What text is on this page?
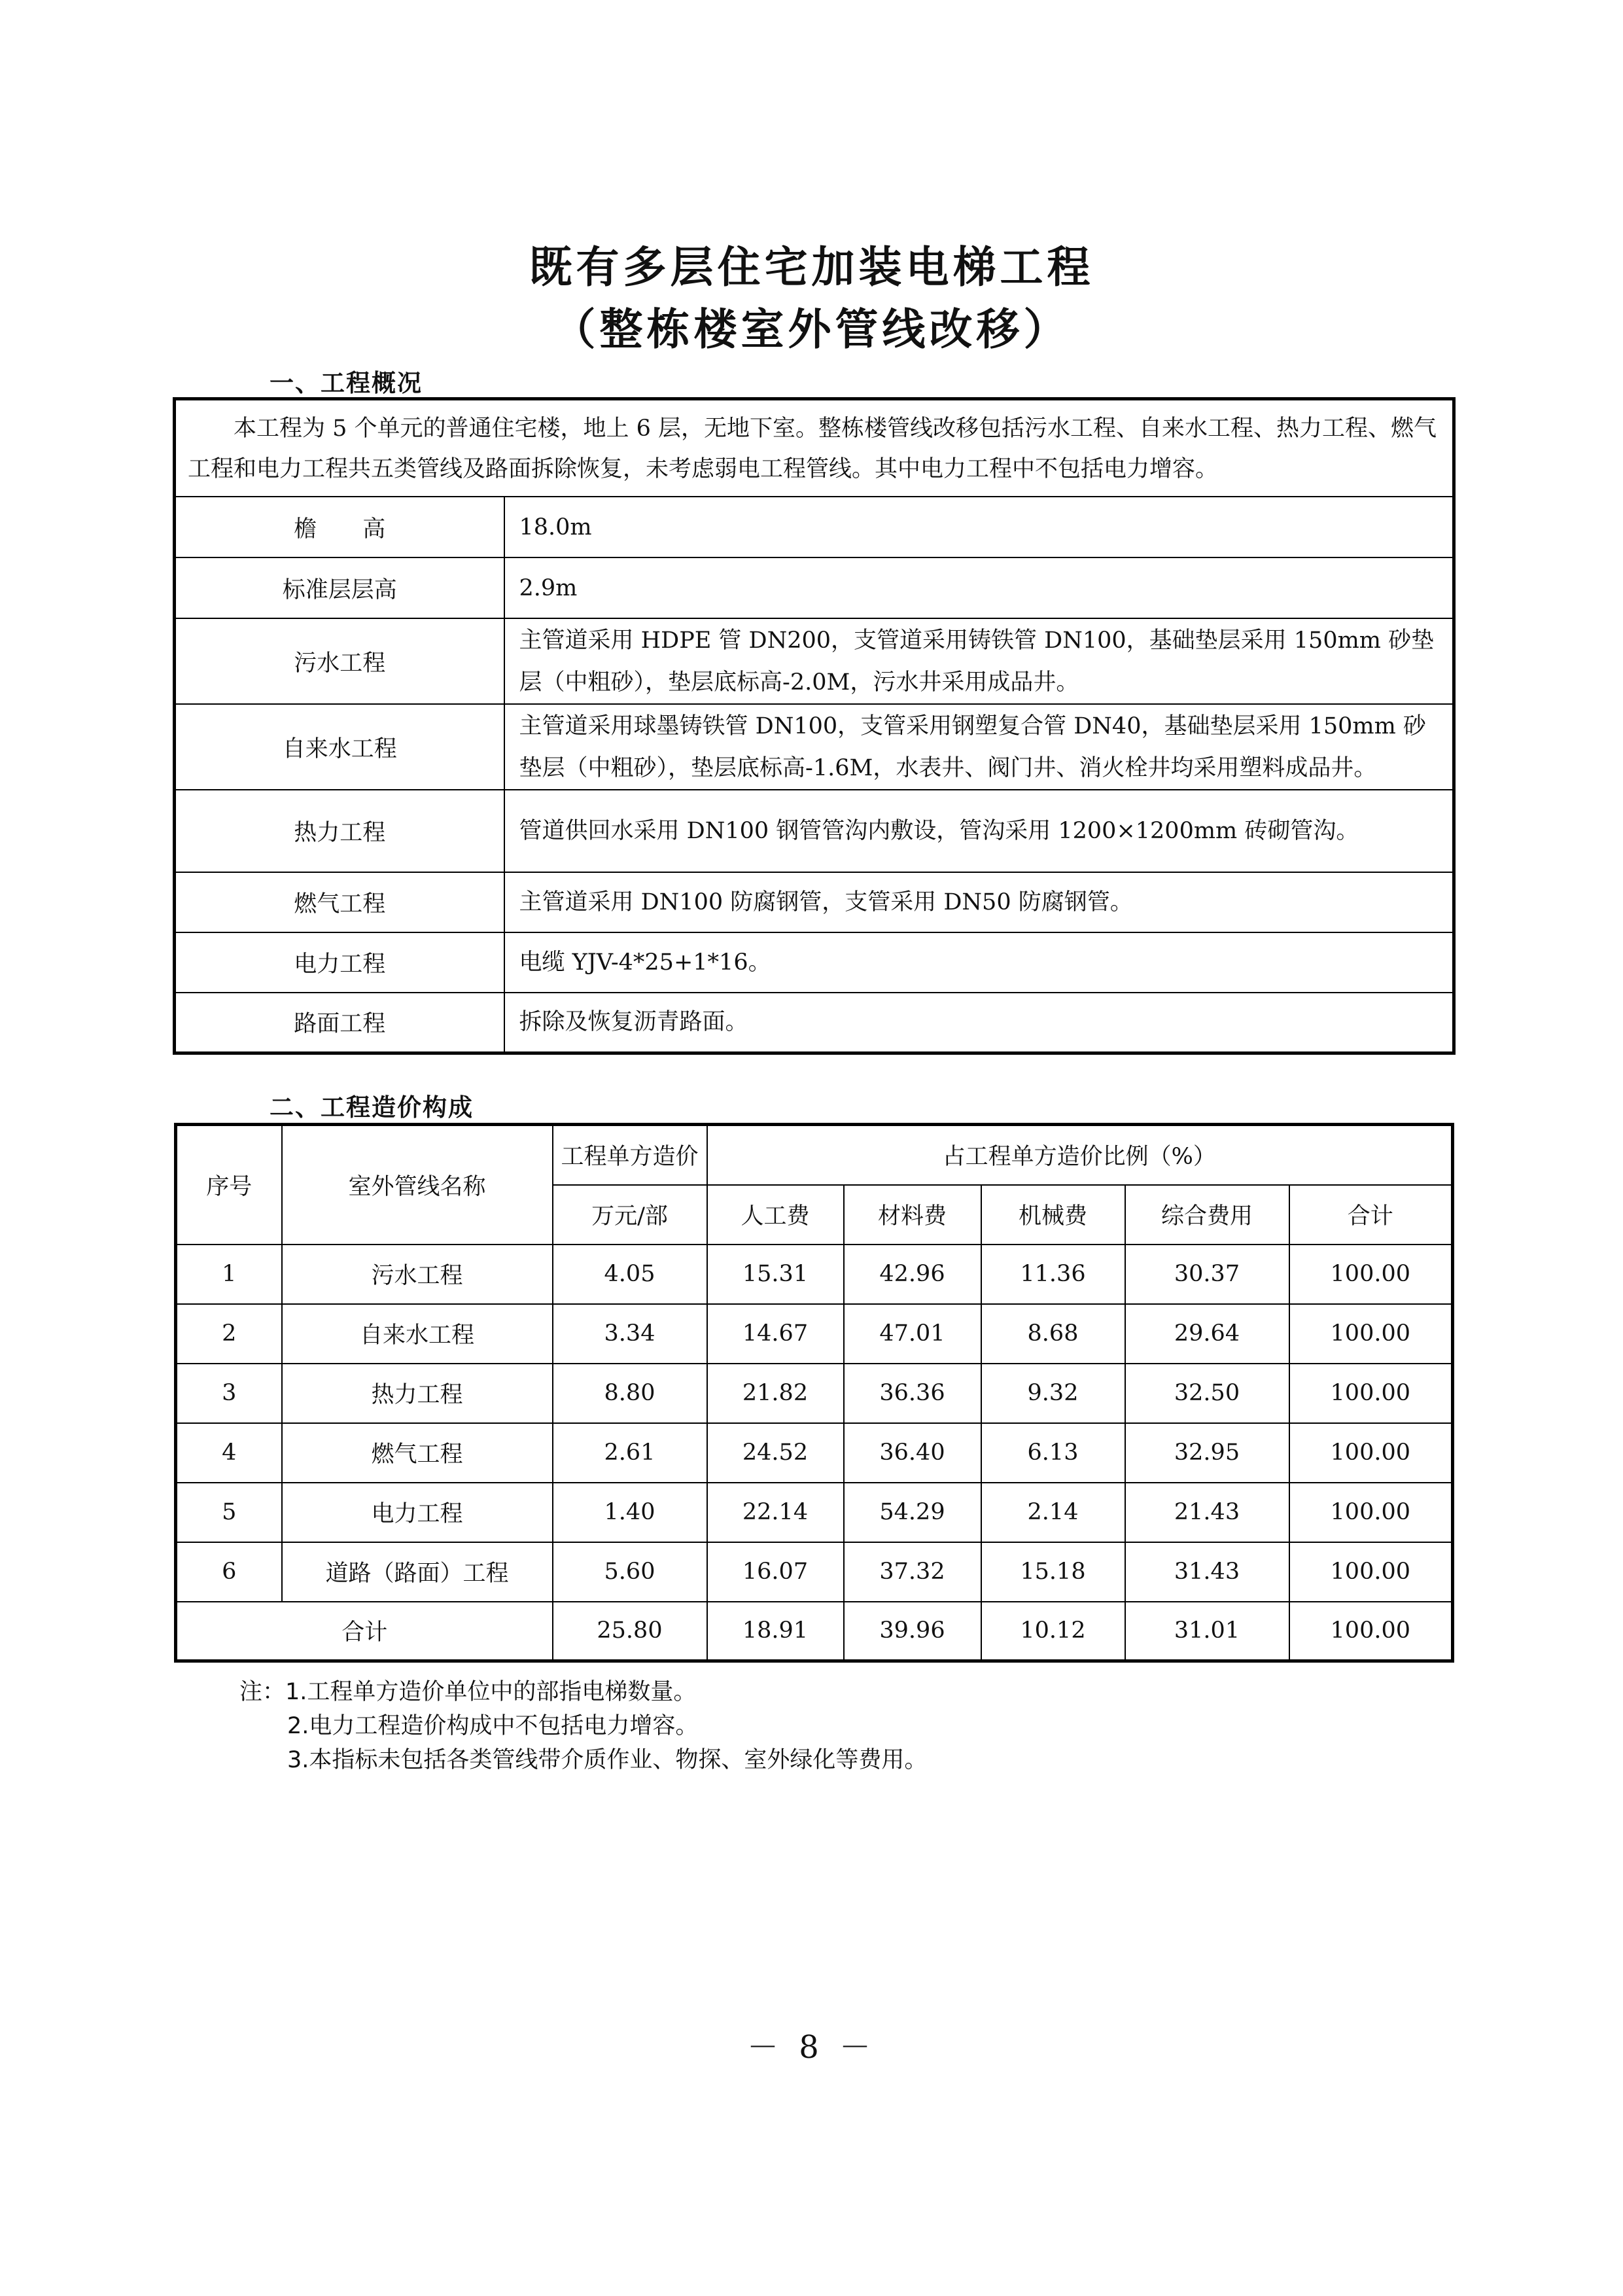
既有多层住宅加装电梯工程
（整栋楼室外管线改移）
一、工程概况
本工程为 5 个单元的普通住宅楼，地上 6 层，无地下室。整栋楼管线改移包括污水工程、自来水工程、热力工程、燃气工程和电力工程共五类管线及路面拆除恢复，未考虑弱电工程管线。其中电力工程中不包括电力增容。	
檐　　高	18.0m
标准层层高	2.9m
污水工程	主管道采用 HDPE 管 DN200，支管道采用铸铁管 DN100，基础垫层采用 150mm 砂垫层（中粗砂），垫层底标高-2.0M，污水井采用成品井。
自来水工程	主管道采用球墨铸铁管 DN100，支管采用钢塑复合管 DN40，基础垫层采用 150mm 砂垫层（中粗砂），垫层底标高-1.6M，水表井、阀门井、消火栓井均采用塑料成品井。
热力工程	管道供回水采用 DN100 钢管管沟内敷设，管沟采用 1200×1200mm 砖砌管沟。
燃气工程	主管道采用 DN100 防腐钢管，支管采用 DN50 防腐钢管。
电力工程	电缆 YJV-4*25+1*16。
路面工程	拆除及恢复沥青路面。
二、工程造价构成
序号	室外管线名称	工程单方造价	占工程单方造价比例（%）				
		万元/部	人工费	材料费	机械费	综合费用	合计
1	污水工程	4.05	15.31	42.96	11.36	30.37	100.00
2	自来水工程	3.34	14.67	47.01	8.68	29.64	100.00
3	热力工程	8.80	21.82	36.36	9.32	32.50	100.00
4	燃气工程	2.61	24.52	36.40	6.13	32.95	100.00
5	电力工程	1.40	22.14	54.29	2.14	21.43	100.00
6	道路（路面）工程	5.60	16.07	37.32	15.18	31.43	100.00
合计		25.80	18.91	39.96	10.12	31.01	100.00
注：1.工程单方造价单位中的部指电梯数量。
2.电力工程造价构成中不包括电力增容。
3.本指标未包括各类管线带介质作业、物探、室外绿化等费用。
－ 8 －
